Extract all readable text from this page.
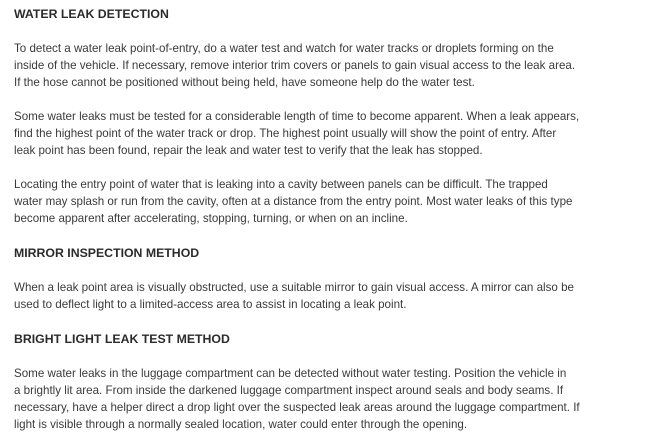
WATER LEAK DETECTION
To detect a water leak point-of-entry, do a water test and watch for water tracks or droplets forming on the
inside of the vehicle. If necessary, remove interior trim covers or panels to gain visual access to the leak area.
If the hose cannot be positioned without being held, have someone help do the water test.
Some water leaks must be tested for a considerable length of time to become apparent. When a leak appears,
find the highest point of the water track or drop. The highest point usually will show the point of entry. After
leak point has been found, repair the leak and water test to verify that the leak has stopped.
Locating the entry point of water that is leaking into a cavity between panels can be difficult. The trapped
water may splash or run from the cavity, often at a distance from the entry point. Most water leaks of this type
become apparent after accelerating, stopping, turning, or when on an incline.
MIRROR INSPECTION METHOD
When a leak point area is visually obstructed, use a suitable mirror to gain visual access. A mirror can also be
used to deflect light to a limited-access area to assist in locating a leak point.
BRIGHT LIGHT LEAK TEST METHOD
Some water leaks in the luggage compartment can be detected without water testing. Position the vehicle in
a brightly lit area. From inside the darkened luggage compartment inspect around seals and body seams. If
necessary, have a helper direct a drop light over the suspected leak areas around the luggage compartment. If
light is visible through a normally sealed location, water could enter through the opening.
